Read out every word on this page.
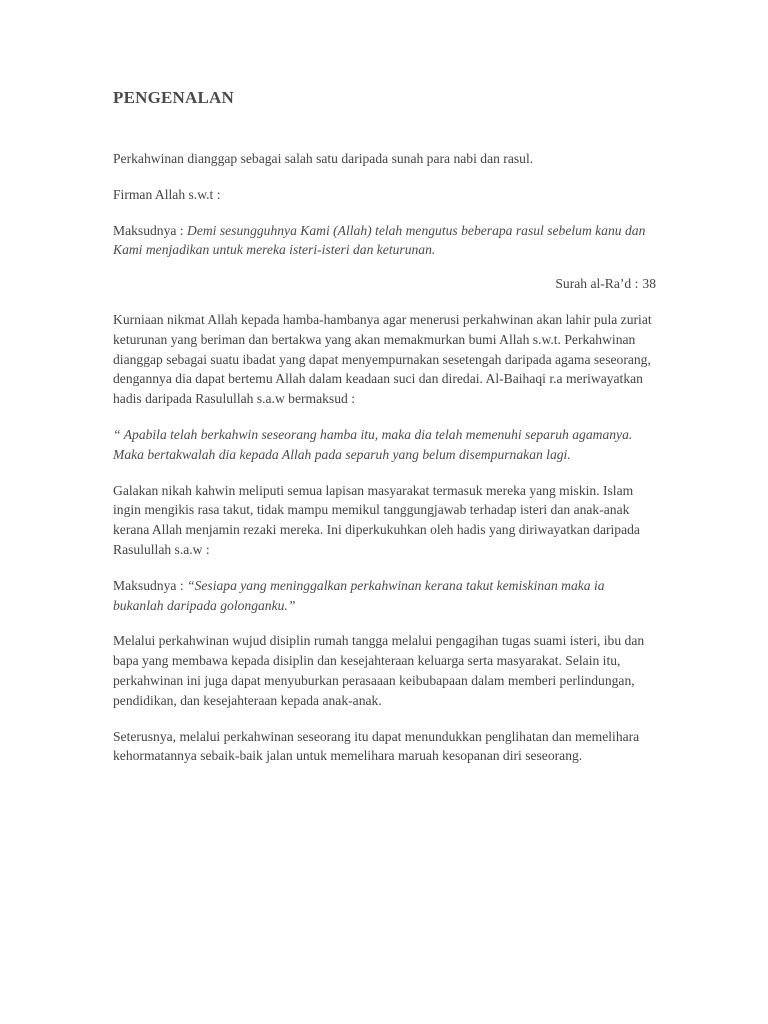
PENGENALAN

Perkahwinan dianggap sebagai salah satu daripada sunah para nabi dan rasul.

Firman Allah s.w.t :

Maksudnya : Demi sesungguhnya Kami (Allah) telah mengutus beberapa rasul sebelum kanu dan Kami menjadikan untuk mereka isteri-isteri dan keturunan.

Surah al-Ra’d : 38

Kurniaan nikmat Allah kepada hamba-hambanya agar menerusi perkahwinan akan lahir pula zuriat keturunan yang beriman dan bertakwa yang akan memakmurkan bumi Allah s.w.t. Perkahwinan dianggap sebagai suatu ibadat yang dapat menyempurnakan sesetengah daripada agama seseorang, dengannya dia dapat bertemu Allah dalam keadaan suci dan diredai. Al-Baihaqi r.a meriwayatkan hadis daripada Rasulullah s.a.w bermaksud :

“ Apabila telah berkahwin seseorang hamba itu, maka dia telah memenuhi separuh agamanya. Maka bertakwalah dia kepada Allah pada separuh yang belum disempurnakan lagi.

Galakan nikah kahwin meliputi semua lapisan masyarakat termasuk mereka yang miskin. Islam ingin mengikis rasa takut, tidak mampu memikul tanggungjawab terhadap isteri dan anak-anak kerana Allah menjamin rezaki mereka. Ini diperkukuhkan oleh hadis yang diriwayatkan daripada Rasulullah s.a.w :

Maksudnya : “Sesiapa yang meninggalkan perkahwinan kerana takut kemiskinan maka ia bukanlah daripada golonganku.”

Melalui perkahwinan wujud disiplin rumah tangga melalui pengagihan tugas suami isteri, ibu dan bapa yang membawa kepada disiplin dan kesejahteraan keluarga serta masyarakat. Selain itu, perkahwinan ini juga dapat menyuburkan perasaaan keibubapaan dalam memberi perlindungan, pendidikan, dan kesejahteraan kepada anak-anak.

Seterusnya, melalui perkahwinan seseorang itu dapat menundukkan penglihatan dan memelihara kehormatannya sebaik-baik jalan untuk memelihara maruah kesopanan diri seseorang.
